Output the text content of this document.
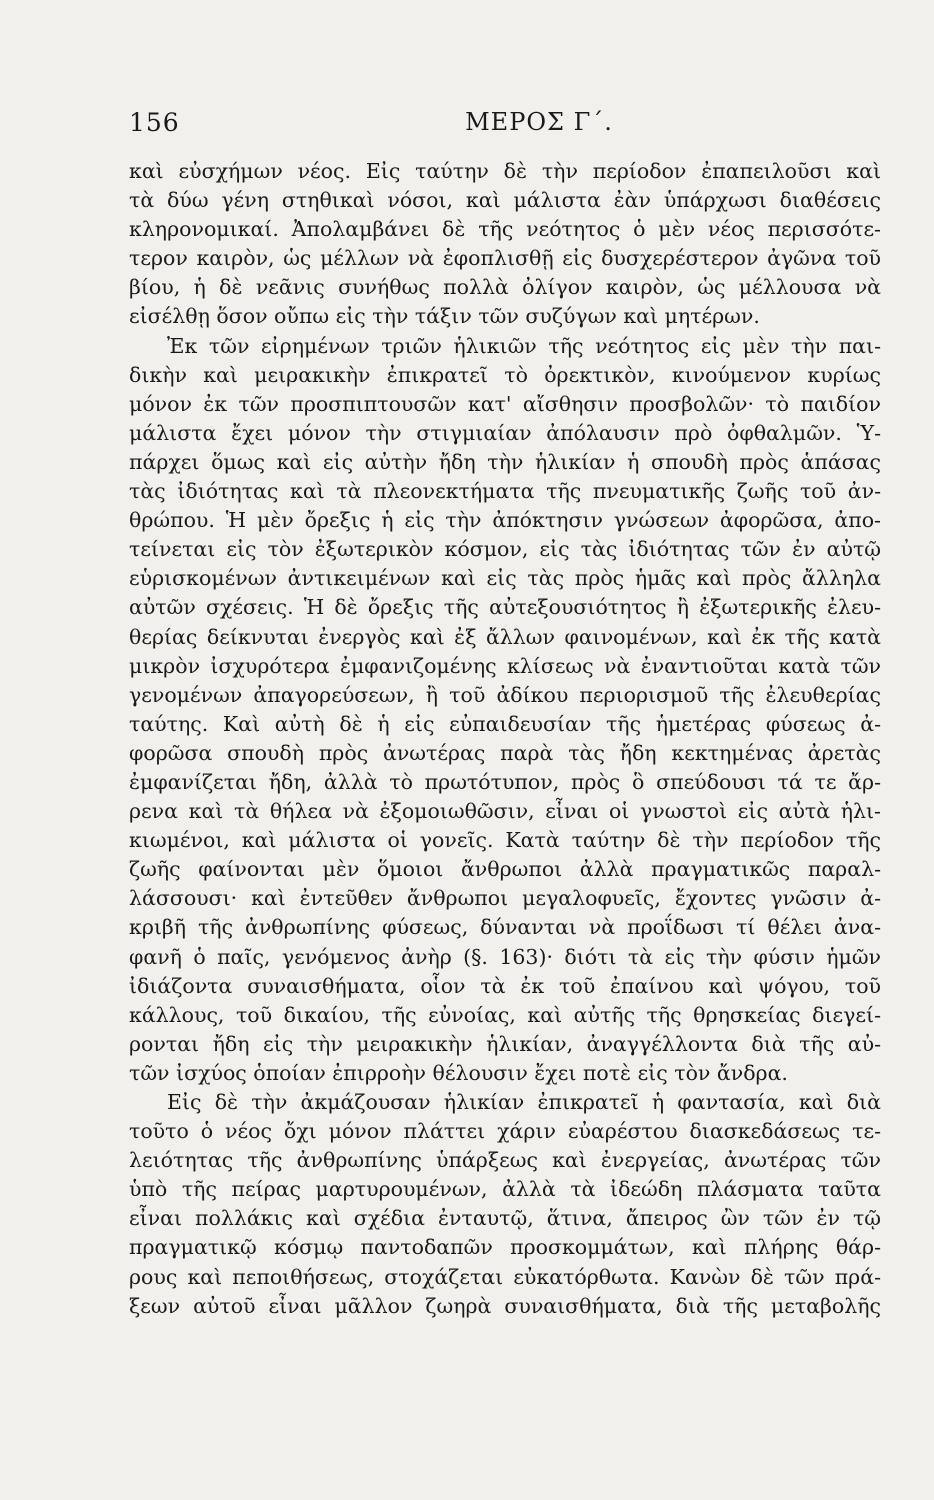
156	ΜΕΡΟΣ Γ΄.
καὶ εὐσχήμων νέος. Εἰς ταύτην δὲ τὴν περίοδον ἐπαπειλοῦσι καὶ
τὰ δύω γένη στηθικαὶ νόσοι, καὶ μάλιστα ἐὰν ὑπάρχωσι διαθέσεις
κληρονομικαί. Ἀπολαμβάνει δὲ τῆς νεότητος ὁ μὲν νέος περισσότε-
τερον καιρὸν, ὡς μέλλων νὰ ἐφοπλισθῇ εἰς δυσχερέστερον ἀγῶνα τοῦ
βίου, ἡ δὲ νεᾶνις συνήθως πολλὰ ὀλίγον καιρὸν, ὡς μέλλουσα νὰ
εἰσέλθῃ ὅσον οὔπω εἰς τὴν τάξιν τῶν συζύγων καὶ μητέρων.
Ἐκ τῶν εἰρημένων τριῶν ἡλικιῶν τῆς νεότητος εἰς μὲν τὴν παι-
δικὴν καὶ μειρακικὴν ἐπικρατεῖ τὸ ὀρεκτικὸν, κινούμενον κυρίως
μόνον ἐκ τῶν προσπιπτουσῶν κατ' αἴσθησιν προσβολῶν· τὸ παιδίον
μάλιστα ἔχει μόνον τὴν στιγμιαίαν ἀπόλαυσιν πρὸ ὀφθαλμῶν. Ὑ-
πάρχει ὅμως καὶ εἰς αὐτὴν ἤδη τὴν ἡλικίαν ἡ σπουδὴ πρὸς ἁπάσας
τὰς ἰδιότητας καὶ τὰ πλεονεκτήματα τῆς πνευματικῆς ζωῆς τοῦ ἀν-
θρώπου. Ἡ μὲν ὄρεξις ἡ εἰς τὴν ἀπόκτησιν γνώσεων ἀφορῶσα, ἀπο-
τείνεται εἰς τὸν ἐξωτερικὸν κόσμον, εἰς τὰς ἰδιότητας τῶν ἐν αὐτῷ
εὑρισκομένων ἀντικειμένων καὶ εἰς τὰς πρὸς ἡμᾶς καὶ πρὸς ἄλληλα
αὐτῶν σχέσεις. Ἡ δὲ ὄρεξις τῆς αὐτεξουσιότητος ἢ ἐξωτερικῆς ἐλευ-
θερίας δείκνυται ἐνεργὸς καὶ ἐξ ἄλλων φαινομένων, καὶ ἐκ τῆς κατὰ
μικρὸν ἰσχυρότερα ἐμφανιζομένης κλίσεως νὰ ἐναντιοῦται κατὰ τῶν
γενομένων ἀπαγορεύσεων, ἢ τοῦ ἀδίκου περιορισμοῦ τῆς ἐλευθερίας
ταύτης. Καὶ αὐτὴ δὲ ἡ εἰς εὐπαιδευσίαν τῆς ἡμετέρας φύσεως ἀ-
φορῶσα σπουδὴ πρὸς ἀνωτέρας παρὰ τὰς ἤδη κεκτημένας ἀρετὰς
ἐμφανίζεται ἤδη, ἀλλὰ τὸ πρωτότυπον, πρὸς ὃ σπεύδουσι τά τε ἄρ-
ρενα καὶ τὰ θήλεα νὰ ἐξομοιωθῶσιν, εἶναι οἱ γνωστοὶ εἰς αὐτὰ ἡλι-
κιωμένοι, καὶ μάλιστα οἱ γονεῖς. Κατὰ ταύτην δὲ τὴν περίοδον τῆς
ζωῆς φαίνονται μὲν ὅμοιοι ἄνθρωποι ἀλλὰ πραγματικῶς παραλ-
λάσσουσι· καὶ ἐντεῦθεν ἄνθρωποι μεγαλοφυεῖς, ἔχοντες γνῶσιν ἀ-
κριβῆ τῆς ἀνθρωπίνης φύσεως, δύνανται νὰ προΐδωσι τί θέλει ἀνα-
φανῆ ὁ παῖς, γενόμενος ἀνὴρ (§. 163)· διότι τὰ εἰς τὴν φύσιν ἡμῶν
ἰδιάζοντα συναισθήματα, οἷον τὰ ἐκ τοῦ ἐπαίνου καὶ ψόγου, τοῦ
κάλλους, τοῦ δικαίου, τῆς εὐνοίας, καὶ αὐτῆς τῆς θρησκείας διεγεί-
ρονται ἤδη εἰς τὴν μειρακικὴν ἡλικίαν, ἀναγγέλλοντα διὰ τῆς αὐ-
τῶν ἰσχύος ὁποίαν ἐπιρροὴν θέλουσιν ἔχει ποτὲ εἰς τὸν ἄνδρα.
Εἰς δὲ τὴν ἀκμάζουσαν ἡλικίαν ἐπικρατεῖ ἡ φαντασία, καὶ διὰ
τοῦτο ὁ νέος ὄχι μόνον πλάττει χάριν εὐαρέστου διασκεδάσεως τε-
λειότητας τῆς ἀνθρωπίνης ὑπάρξεως καὶ ἐνεργείας, ἀνωτέρας τῶν
ὑπὸ τῆς πείρας μαρτυρουμένων, ἀλλὰ τὰ ἰδεώδη πλάσματα ταῦτα
εἶναι πολλάκις καὶ σχέδια ἐνταυτῷ, ἅτινα, ἄπειρος ὢν τῶν ἐν τῷ
πραγματικῷ κόσμῳ παντοδαπῶν προσκομμάτων, καὶ πλήρης θάρ-
ρους καὶ πεποιθήσεως, στοχάζεται εὐκατόρθωτα. Κανὼν δὲ τῶν πρά-
ξεων αὐτοῦ εἶναι μᾶλλον ζωηρὰ συναισθήματα, διὰ τῆς μεταβολῆς
